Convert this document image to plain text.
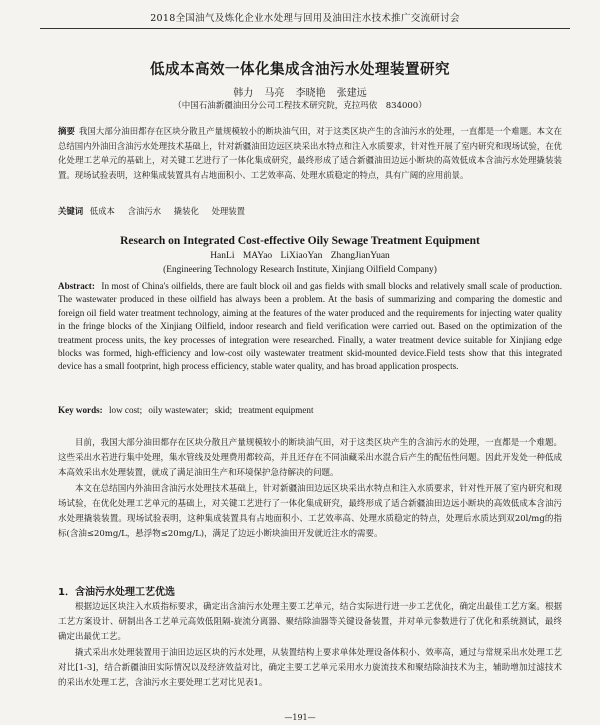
2018全国油气及炼化企业水处理与回用及油田注水技术推广交流研讨会
低成本高效一体化集成含油污水处理装置研究
韩力 马亮 李晓艳 张建远
（中国石油新疆油田分公司工程技术研究院，克拉玛依　834000）
摘要 我国大部分油田都存在区块分散且产量规模较小的断块油气田，对于这类区块产生的含油污水的处理，一直都是一个难题。本文在总结国内外油田含油污水处理技术基础上，针对新疆油田边远区块采出水特点和注入水质要求，针对性开展了室内研究和现场试验，在优化处理工艺单元的基础上，对关键工艺进行了一体化集成研究，最终形成了适合新疆油田边远小断块的高效低成本含油污水处理撬装装置。现场试验表明，这种集成装置具有占地面积小、工艺效率高、处理水质稳定的特点，具有广阔的应用前景。
关键词 低成本 含油污水 撬装化 处理装置
Research on Integrated Cost-effective Oily Sewage Treatment Equipment
HanLi MAYao LiXiaoYan ZhangJianYuan
(Engineering Technology Research Institute, Xinjiang Oilfield Company)
Abstract: In most of China's oilfields, there are fault block oil and gas fields with small blocks and relatively small scale of production. The wastewater produced in these oilfield has always been a problem. At the basis of summarizing and comparing the domestic and foreign oil field water treatment technology, aiming at the features of the water produced and the requirements for injecting water quality in the fringe blocks of the Xinjiang Oilfield, indoor research and field verification were carried out. Based on the optimization of the treatment process units, the key processes of integration were researched. Finally, a water treatment device suitable for Xinjiang edge blocks was formed, high-efficiency and low-cost oily wastewater treatment skid-mounted device.Field tests show that this integrated device has a small footprint, high process efficiency, stable water quality, and has broad application prospects.
Key words: low cost; oily wastewater; skid; treatment equipment

目前，我国大部分油田都存在区块分散且产量规模较小的断块油气田，对于这类区块产生的含油污水的处理，一直都是一个难题。这些采出水若进行集中处理，集水管线及处理费用都较高，并且还存在不同油藏采出水混合后产生的配伍性问题。因此开发处一种低成本高效采出水处理装置，就成了满足油田生产和环境保护急待解决的问题。

本文在总结国内外油田含油污水处理技术基础上，针对新疆油田边远区块采出水特点和注入水质要求，针对性开展了室内研究和现场试验，在优化处理工艺单元的基础上，对关键工艺进行了一体化集成研究，最终形成了适合新疆油田边远小断块的高效低成本含油污水处理撬装装置。现场试验表明，这种集成装置具有占地面积小、工艺效率高、处理水质稳定的特点，处理后水质达到双20l/mg的指标(含油≤20mg/L，悬浮物≤20mg/L)，满足了边远小断块油田开发就近注水的需要。

1．含油污水处理工艺优选

根据边远区块注入水质指标要求，确定出含油污水处理主要工艺单元，结合实际进行进一步工艺优化，确定出最佳工艺方案。根据工艺方案设计、研制出各工艺单元高效低阻隔-旋流分离器、聚结除油器等关键设备装置，并对单元参数进行了优化和系统测试，最终确定出最优工艺。

撬式采出水处理装置用于油田边远区块的污水处理，从装置结构上要求单体处理设备体积小、效率高，通过与常规采出水处理工艺对比[1-3]，结合新疆油田实际情况以及经济效益对比，确定主要工艺单元采用水力旋流技术和聚结除油技术为主，辅助增加过滤技术的采出水处理工艺，含油污水主要处理工艺对比见表1。

—191—
